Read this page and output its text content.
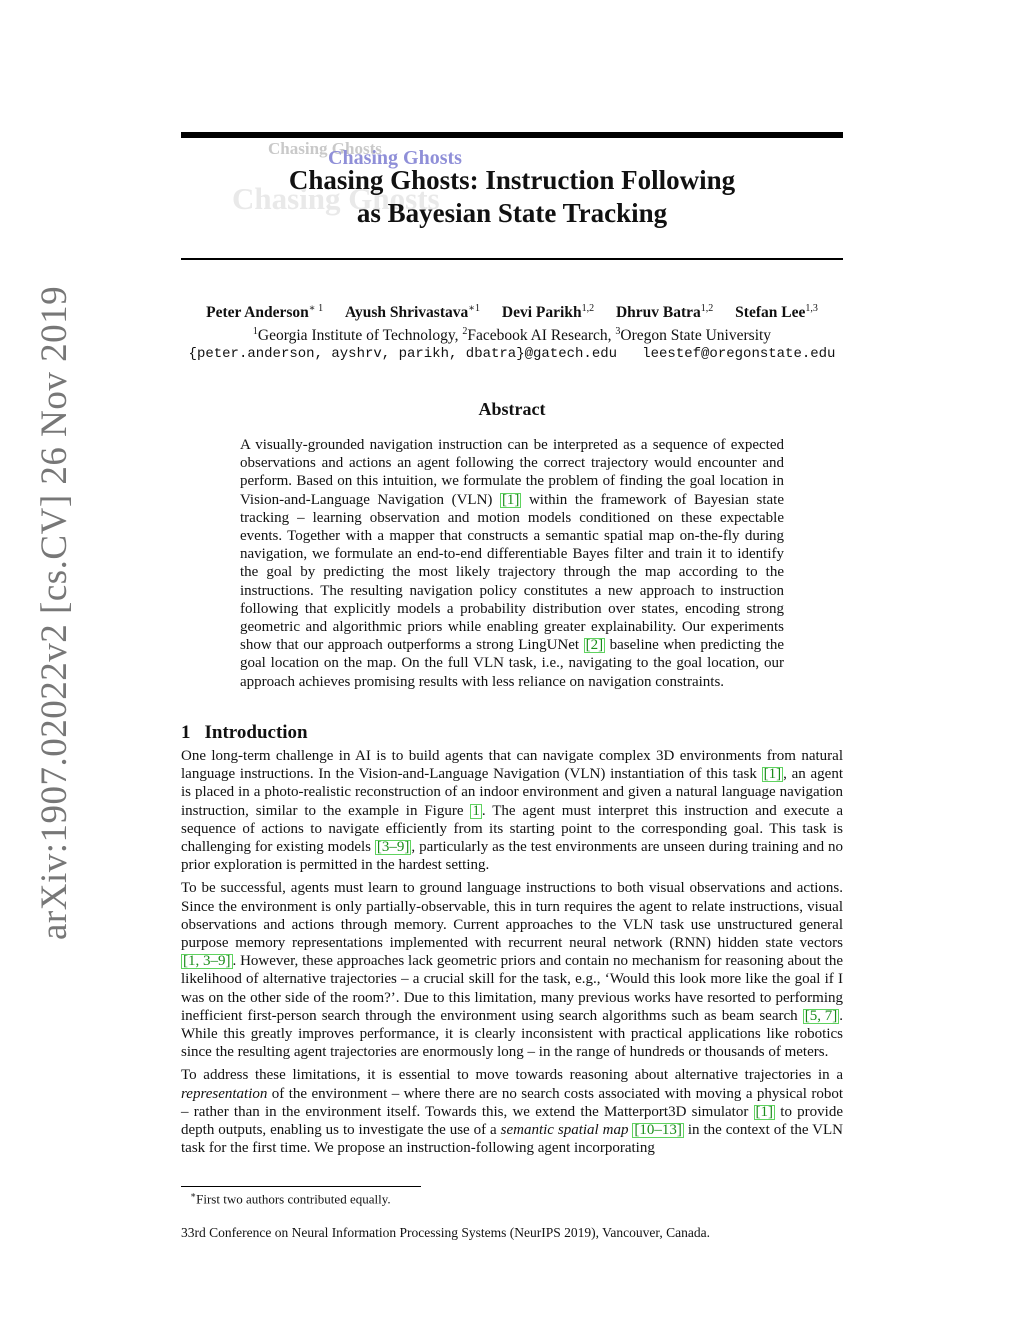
arXiv:1907.02022v2 [cs.CV] 26 Nov 2019
Chasing Ghosts
Chasing Ghosts
Chasing Ghosts
Chasing Ghosts: Instruction Following
as Bayesian State Tracking
Peter Anderson$^{∗ 1}$ Ayush Shrivastava$^{∗1}$ Devi Parikh$^{1,2}$ Dhruv Batra$^{1,2}$ Stefan Lee$^{1,3}$
$^1$Georgia Institute of Technology, $^2$Facebook AI Research, $^3$Oregon State University
{peter.anderson, ayshrv, parikh, dbatra}@gatech.edu   leestef@oregonstate.edu
Abstract
A visually-grounded navigation instruction can be interpreted as a sequence of expected observations and actions an agent following the correct trajectory would encounter and perform. Based on this intuition, we formulate the problem of finding the goal location in Vision-and-Language Navigation (VLN) [1] within the framework of Bayesian state tracking – learning observation and motion models conditioned on these expectable events. Together with a mapper that constructs a semantic spatial map on-the-fly during navigation, we formulate an end-to-end differentiable Bayes filter and train it to identify the goal by predicting the most likely trajectory through the map according to the instructions. The resulting navigation policy constitutes a new approach to instruction following that explicitly models a probability distribution over states, encoding strong geometric and algorithmic priors while enabling greater explainability. Our experiments show that our approach outperforms a strong LingUNet [2] baseline when predicting the goal location on the map. On the full VLN task, i.e., navigating to the goal location, our approach achieves promising results with less reliance on navigation constraints.
1 Introduction

One long-term challenge in AI is to build agents that can navigate complex 3D environments from natural language instructions. In the Vision-and-Language Navigation (VLN) instantiation of this task [1] , an agent is placed in a photo-realistic reconstruction of an indoor environment and given a natural language navigation instruction, similar to the example in Figure 1 . The agent must interpret this instruction and execute a sequence of actions to navigate efficiently from its starting point to the corresponding goal. This task is challenging for existing models [3–9] , particularly as the test environments are unseen during training and no prior exploration is permitted in the hardest setting.

To be successful, agents must learn to ground language instructions to both visual observations and actions. Since the environment is only partially-observable, this in turn requires the agent to relate instructions, visual observations and actions through memory. Current approaches to the VLN task use unstructured general purpose memory representations implemented with recurrent neural network (RNN) hidden state vectors [1, 3–9] . However, these approaches lack geometric priors and contain no mechanism for reasoning about the likelihood of alternative trajectories – a crucial skill for the task, e.g., ‘Would this look more like the goal if I was on the other side of the room?’. Due to this limitation, many previous works have resorted to performing inefficient first-person search through the environment using search algorithms such as beam search [5, 7] . While this greatly improves performance, it is clearly inconsistent with practical applications like robotics since the resulting agent trajectories are enormously long – in the range of hundreds or thousands of meters.

To address these limitations, it is essential to move towards reasoning about alternative trajectories in a representation of the environment – where there are no search costs associated with moving a physical robot – rather than in the environment itself. Towards this, we extend the Matterport3D simulator [1] to provide depth outputs, enabling us to investigate the use of a semantic spatial map [10–13] in the context of the VLN task for the first time. We propose an instruction-following agent incorporating

∗First two authors contributed equally.
33rd Conference on Neural Information Processing Systems (NeurIPS 2019), Vancouver, Canada.
